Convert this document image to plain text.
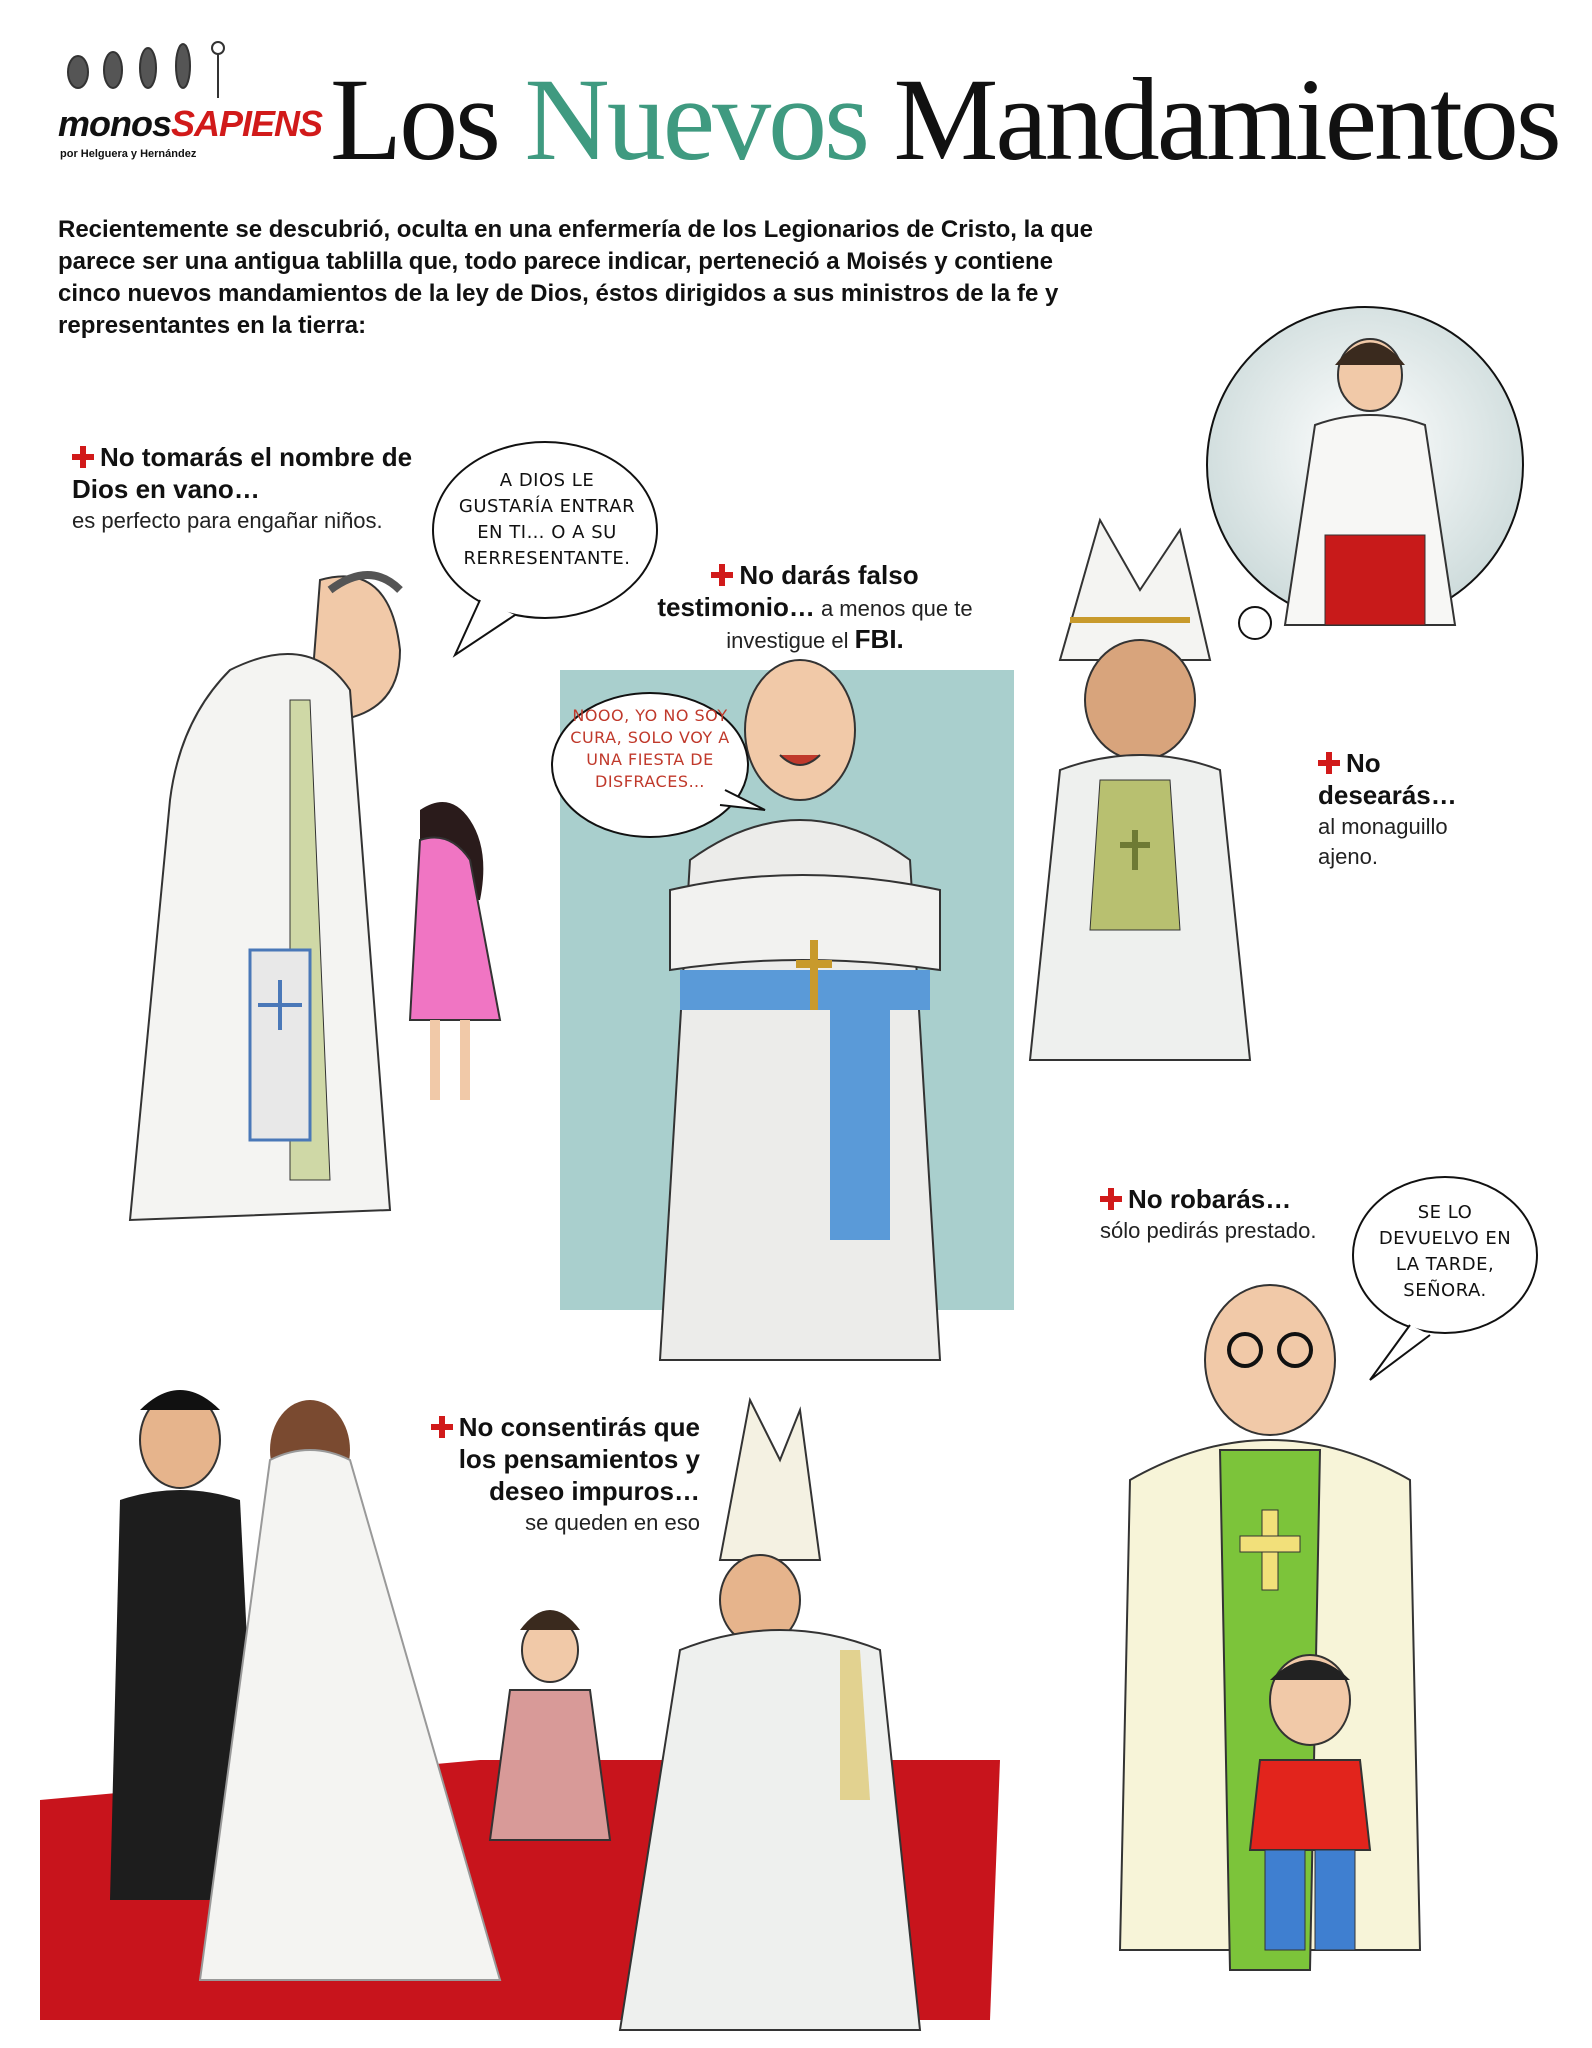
monosSAPIENS
por Helguera y Hernández Los Nuevos Mandamientos
Recientemente se descubrió, oculta en una enfermería de los Legionarios de Cristo, la que parece ser una antigua tablilla que, todo parece indicar, perteneció a Moisés y contiene cinco nuevos mandamientos de la ley de Dios, éstos dirigidos a sus ministros de la fe y representantes en la tierra:
No tomarás el nombre de Dios en vano…
es perfecto para engañar niños.
A DIOS LE GUSTARÍA ENTRAR EN TI… O A SU RERRESENTANTE.
No darás falso testimonio… a menos que te investigue el FBI.
NOOO, YO NO SOY CURA, SOLO VOY A UNA FIESTA DE DISFRACES…
No desearás…
al monaguillo ajeno.
No robarás…
sólo pedirás prestado.
SE LO DEVUELVO EN LA TARDE, SEÑORA.
No consentirás que los pensamientos y deseo impuros…
se queden en eso
